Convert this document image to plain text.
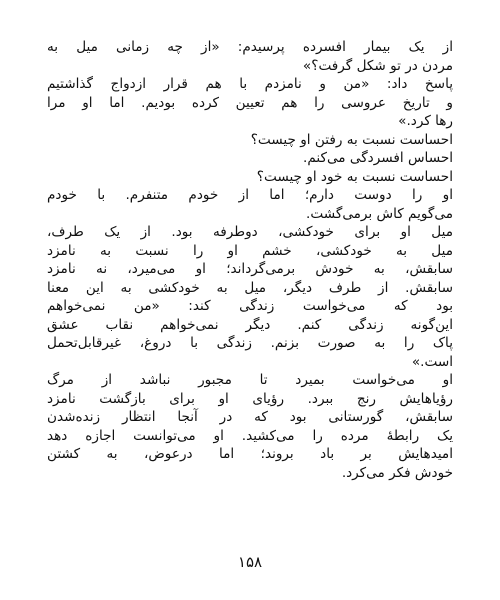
از یک بیمار افسرده پرسیدم: «از چه زمانی میل به
مردن در تو شکل گرفت؟»
پاسخ داد: «من و نامزدم با هم قرار ازدواج گذاشتیم
و تاریخ عروسی را هم تعیین کرده بودیم. اما او مرا
رها کرد.»
احساست نسبت به رفتن او چیست؟
احساس افسردگی می‌کنم.
احساست نسبت به خود او چیست؟
او را دوست دارم؛ اما از خودم متنفرم. با خودم
می‌گویم کاش برمی‌گشت.
میل او برای خودکشی، دوطرفه بود. از یک طرف،
میل به خودکشی، خشم او را نسبت به نامزد
سابقش، به خودش برمی‌گرداند؛ او می‌میرد، نه نامزد
سابقش. از طرف دیگر، میل به خودکشی به این معنا
بود که می‌خواست زندگی کند: «من نمی‌خواهم
این‌گونه زندگی کنم. دیگر نمی‌خواهم نقاب عشق
پاک را به صورت بزنم. زندگی با دروغ، غیرقابل‌تحمل
است.»
او می‌خواست بمیرد تا مجبور نباشد از مرگ
رؤیاهایش رنج ببرد. رؤیای او برای بازگشت نامزد
سابقش، گورستانی بود که در آنجا انتظار زنده‌شدن
یک رابطهٔ مرده را می‌کشید. او می‌توانست اجازه دهد
امیدهایش بر باد بروند؛ اما درعوض، به کشتن
خودش فکر می‌کرد.
۱۵۸
